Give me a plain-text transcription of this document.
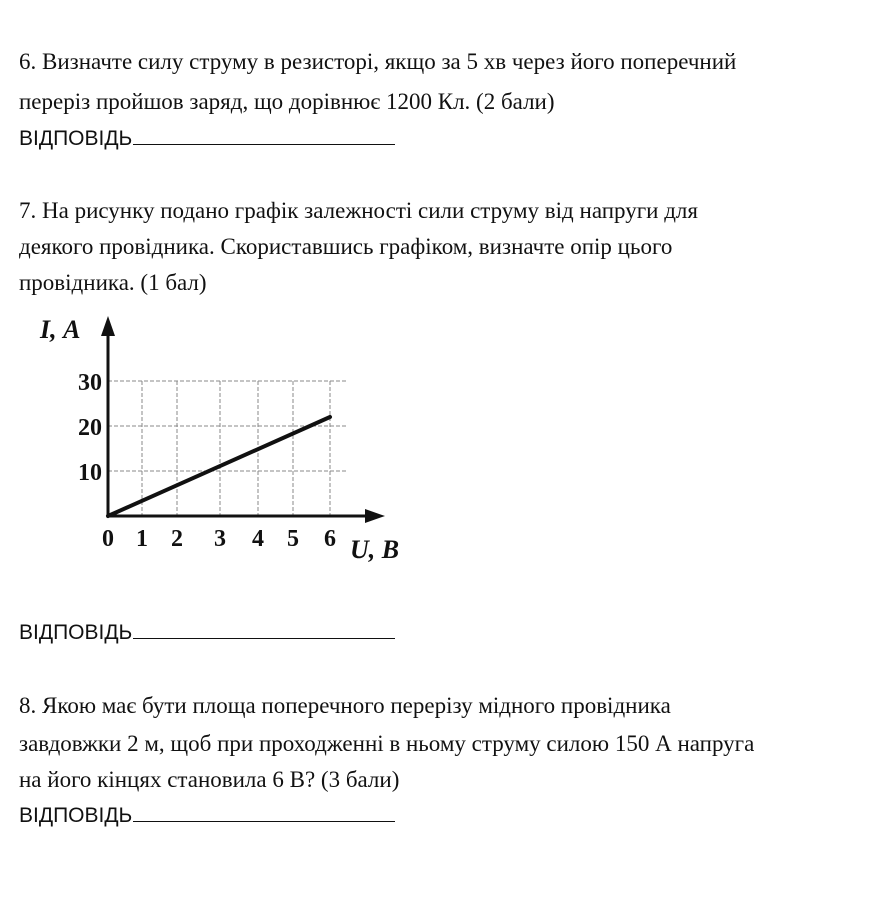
6. Визначте силу струму в резисторі, якщо за 5 хв через його поперечний
переріз пройшов заряд, що дорівнює 1200 Кл. (2 бали)
ВІДПОВІДЬ
7. На рисунку подано графік залежності сили струму від напруги для
деякого провідника. Скориставшись графіком, визначте опір цього
провідника. (1 бал)
0 1 2 3 4 5 6
10
20
30
I, А
U, В
ВІДПОВІДЬ
8. Якою має бути площа поперечного перерізу мідного провідника
завдовжки 2 м, щоб при проходженні в ньому струму силою 150 А напруга
на його кінцях становила 6 В? (3 бали)
ВІДПОВІДЬ
